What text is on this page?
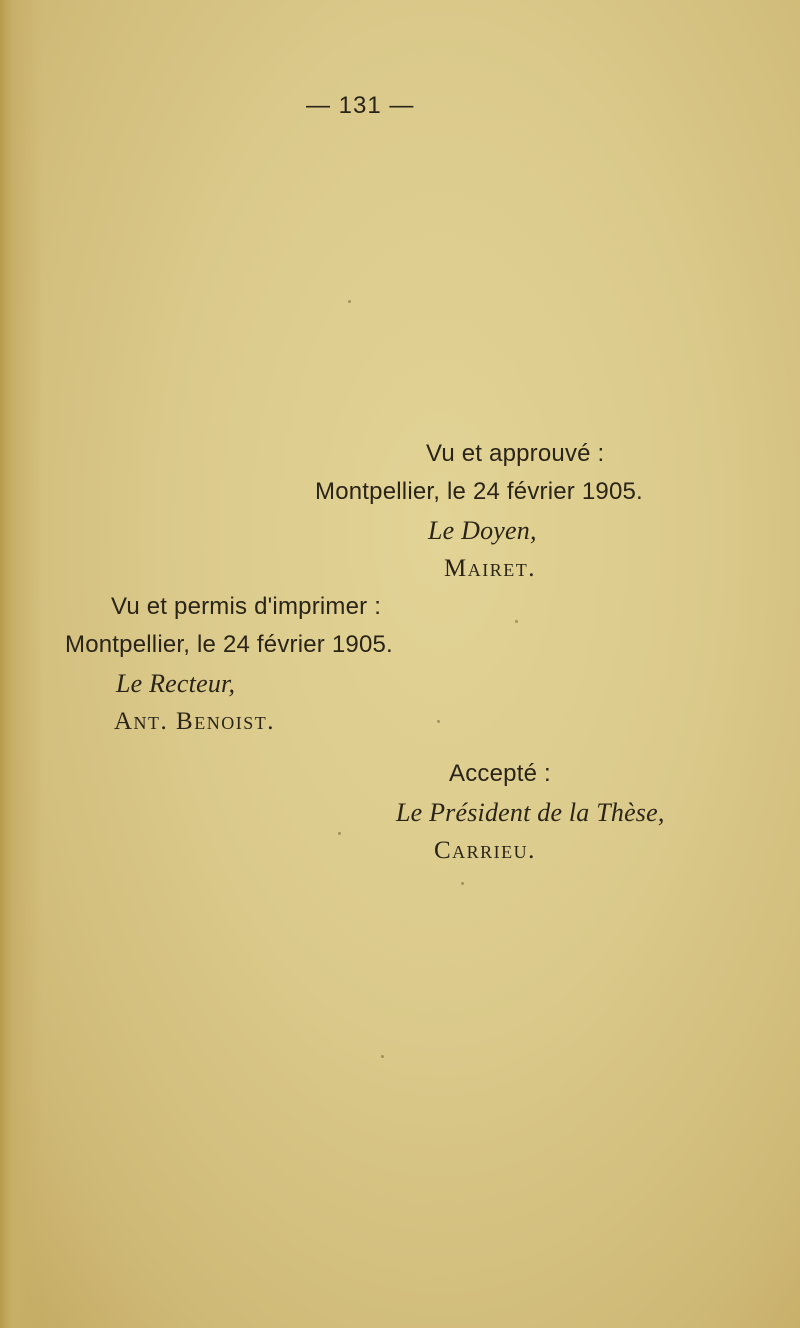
— 131 —
Vu et approuvé :
Montpellier, le 24 février 1905.
Le Doyen,
Mairet.
Vu et permis d'imprimer :
Montpellier, le 24 février 1905.
Le Recteur,
Ant. Benoist.
Accepté :
Le Président de la Thèse,
Carrieu.
